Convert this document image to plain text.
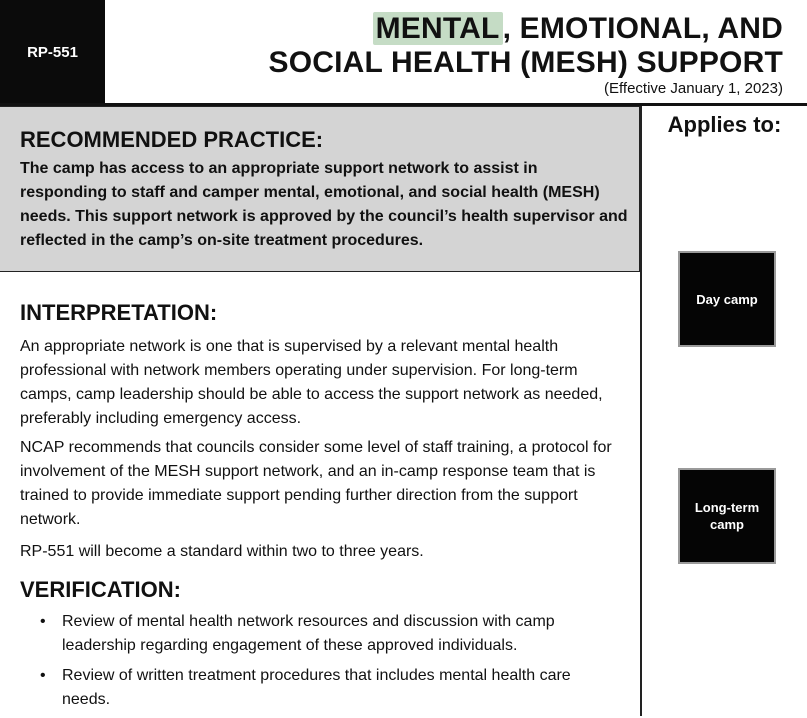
RP-551
MENTAL , EMOTIONAL, AND
SOCIAL HEALTH (MESH) SUPPORT
(Effective January 1, 2023)
RECOMMENDED PRACTICE:

The camp has access to an appropriate support network to assist in responding to staff and camper mental, emotional, and social health (MESH) needs. This support network is approved by the council’s health supervisor and reflected in the camp’s on-site treatment procedures.

Applies to:
Day camp
Long-term camp
INTERPRETATION:

An appropriate network is one that is supervised by a relevant mental health professional with network members operating under supervision. For long-term camps, camp leadership should be able to access the support network as needed, preferably including emergency access.

NCAP recommends that councils consider some level of staff training, a protocol for involvement of the MESH support network, and an in-camp response team that is trained to provide immediate support pending further direction from the support network.

RP-551 will become a standard within two to three years.

VERIFICATION:
• Review of mental health network resources and discussion with camp leadership regarding engagement of these approved individuals.
• Review of written treatment procedures that includes mental health care needs.
